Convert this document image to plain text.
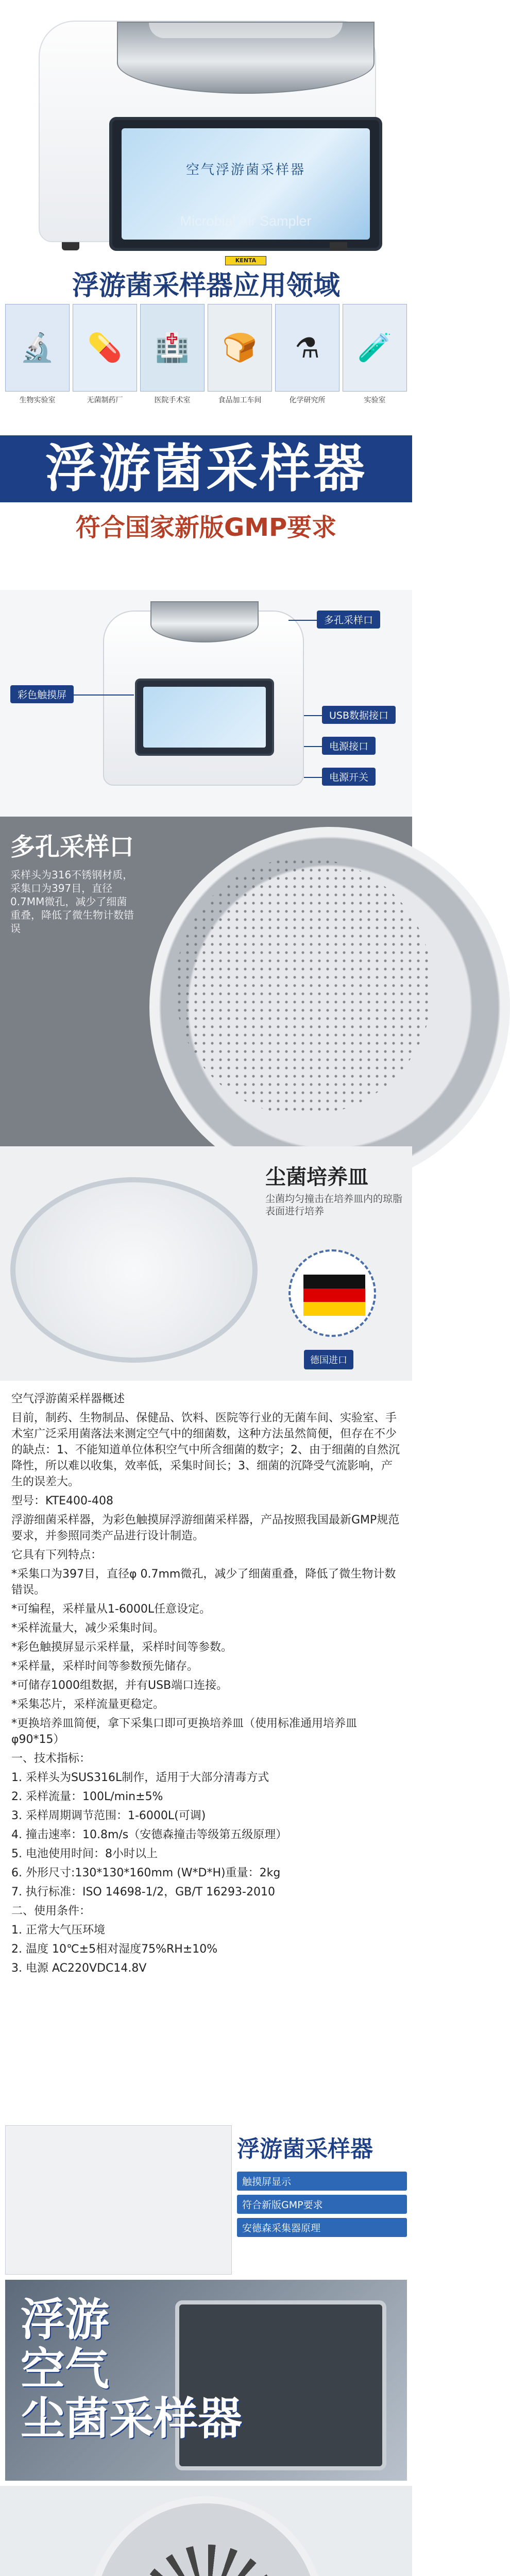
空气浮游菌采样器
Microbial Air Sampler
KENTA
浮游菌采样器应用领域
🔬
生物实验室
💊
无菌制药厂
🏥
医院手术室
🍞
食品加工车间
⚗
化学研究所
🧪
实验室
浮游菌采样器
符合国家新版GMP要求
多孔采样口
彩色触摸屏
USB数据接口
电源接口
电源开关
多孔采样口
采样头为316不锈钢材质，采集口为397目，直径0.7MM微孔，减少了细菌重叠，降低了微生物计数错误
尘菌培养皿
尘菌均匀撞击在培养皿内的琼脂表面进行培养
德国进口

空气浮游菌采样器概述

目前，制药、生物制品、保健品、饮料、医院等行业的无菌车间、实验室、手术室广泛采用菌落法来测定空气中的细菌数，这种方法虽然简便，但存在不少的缺点：1、不能知道单位体积空气中所含细菌的数字；2、由于细菌的自然沉降性，所以难以收集，效率低，采集时间长；3、细菌的沉降受气流影响，产生的误差大。

型号：KTE400-408

浮游细菌采样器，为彩色触摸屏浮游细菌采样器，产品按照我国最新GMP规范要求，并参照同类产品进行设计制造。

它具有下列特点：

*采集口为397目，直径φ 0.7mm微孔，减少了细菌重叠，降低了微生物计数错误。

*可编程，采样量从1-6000L任意设定。

*采样流量大，减少采集时间。

*彩色触摸屏显示采样量，采样时间等参数。

*采样量，采样时间等参数预先储存。

*可储存1000组数据，并有USB端口连接。

*采集芯片，采样流量更稳定。

*更换培养皿简便，拿下采集口即可更换培养皿（使用标准通用培养皿φ90*15）

一、技术指标：

1. 采样头为SUS316L制作，适用于大部分清毒方式

2. 采样流量：100L/min±5%

3. 采样周期调节范围：1-6000L(可调)

4. 撞击速率：10.8m/s（安德森撞击等级第五级原理）

5. 电池使用时间：8小时以上

6. 外形尺寸:130*130*160mm (W*D*H)重量：2kg

7. 执行标准：ISO 14698-1/2，GB/T 16293-2010

二、使用条件：

1. 正常大气压环境

2. 温度 10℃±5相对湿度75%RH±10%

3. 电源 AC220VDC14.8V

浮游菌采样器
触摸屏显示
符合新版GMP要求
安德森采集器原理
浮游
空气
尘菌采样器
